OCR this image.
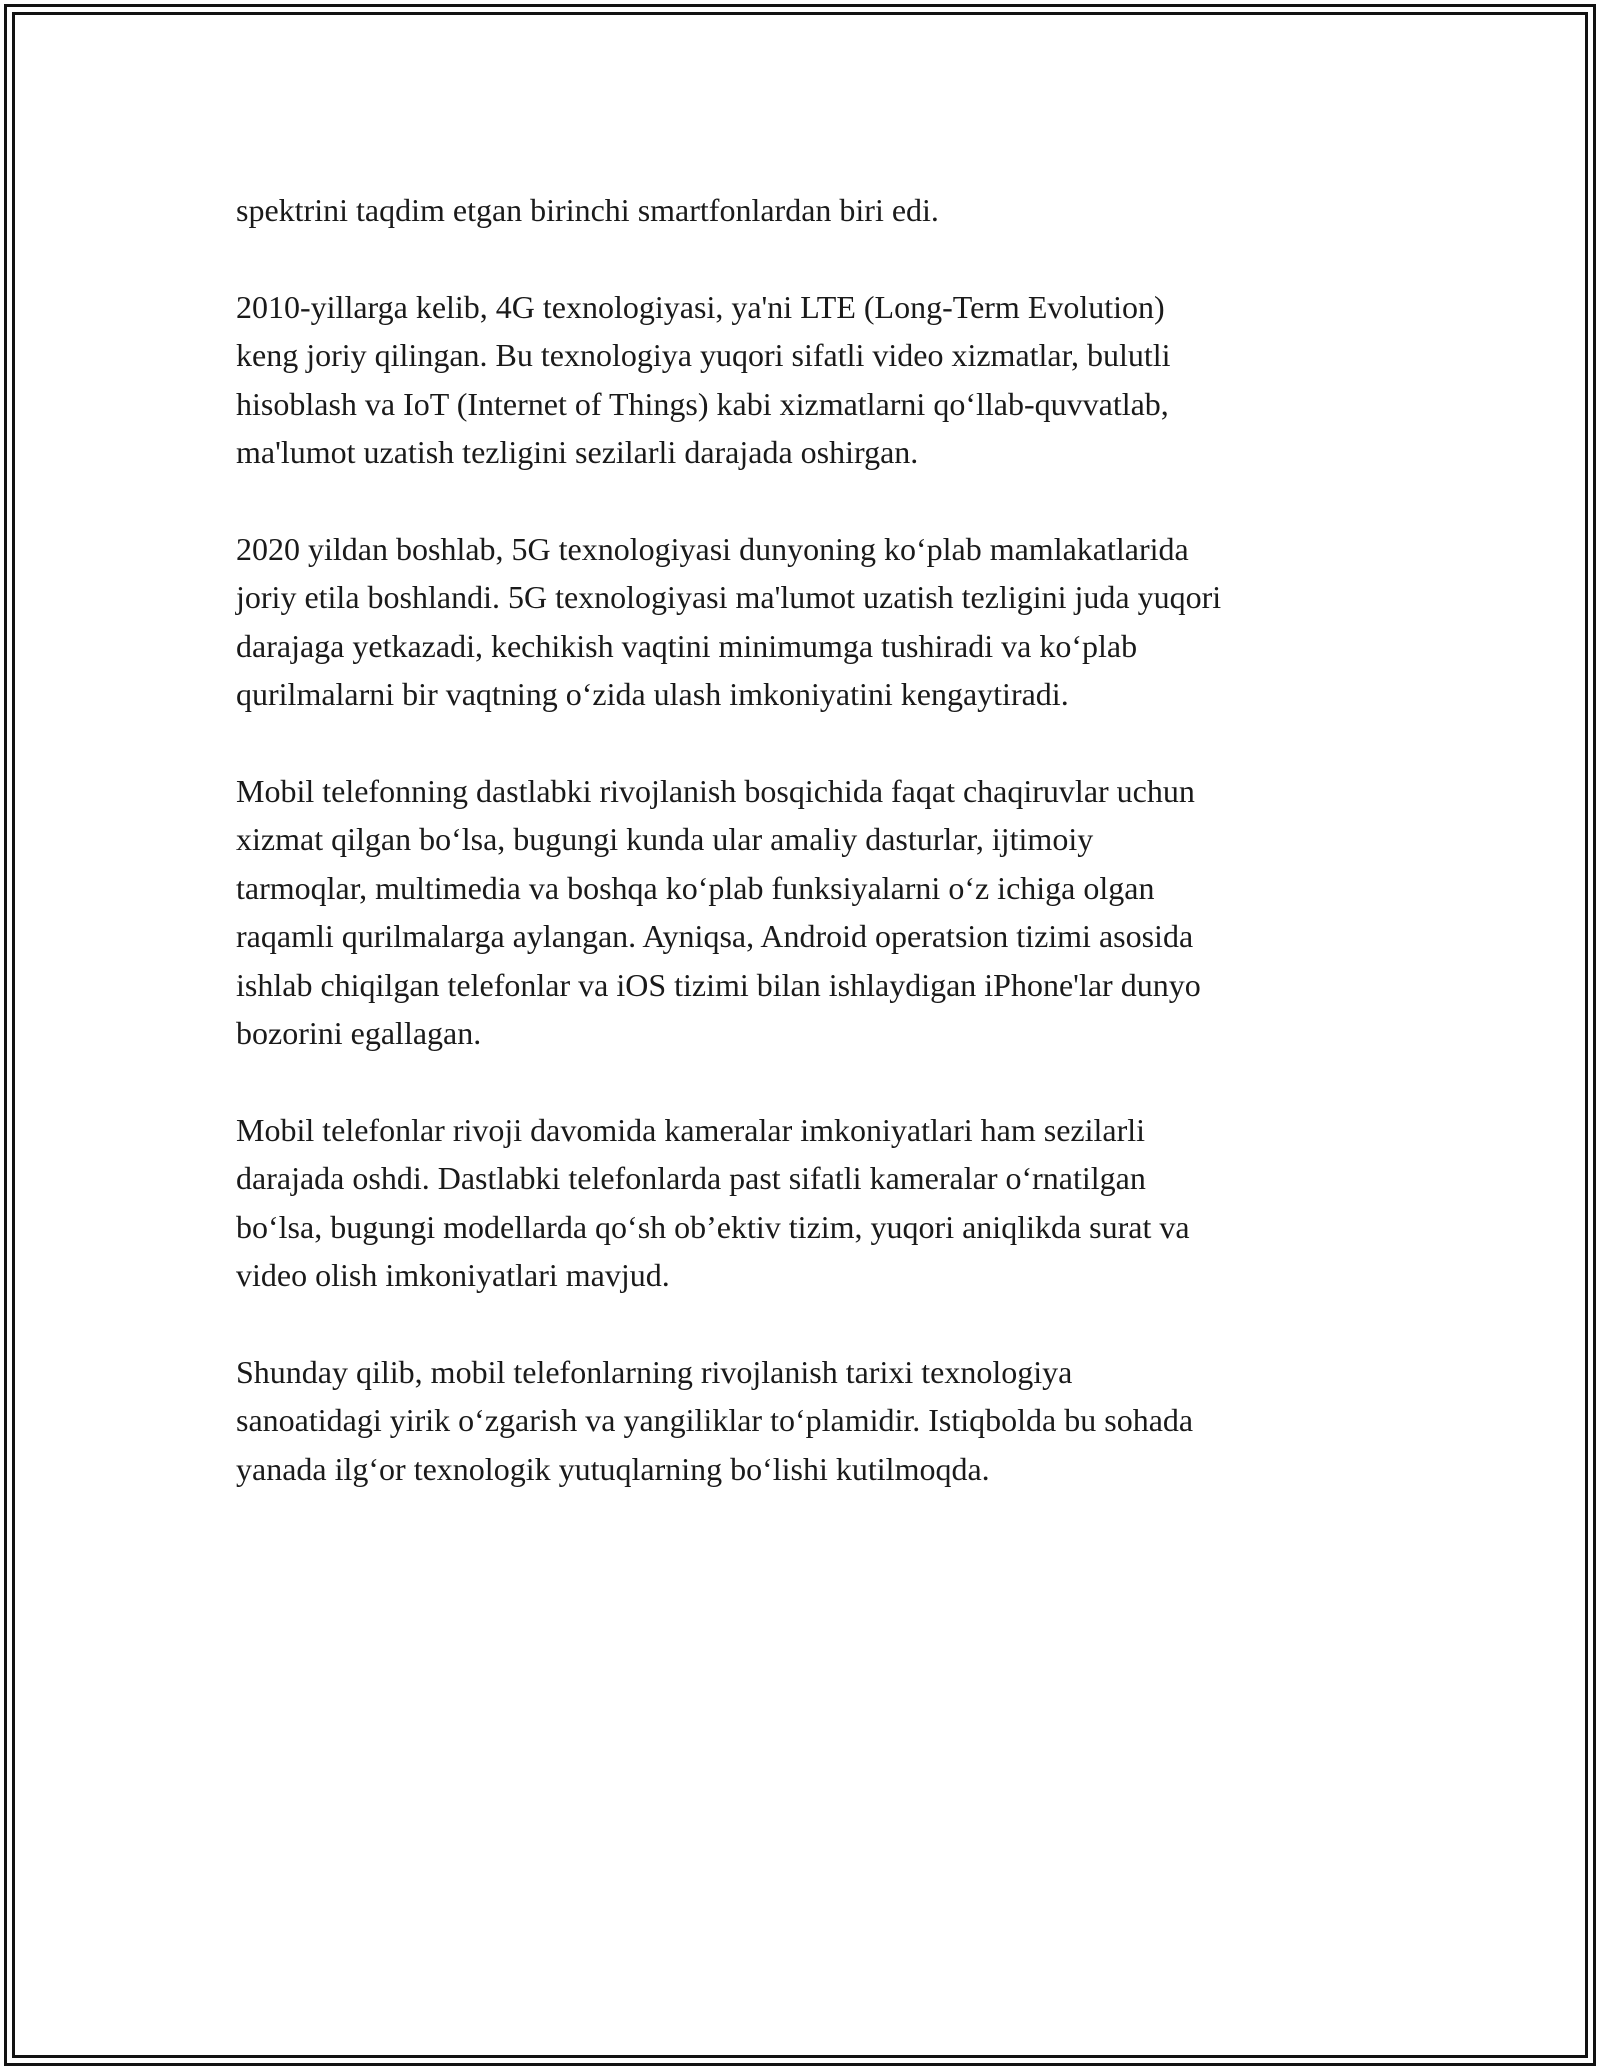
spektrini taqdim etgan birinchi smartfonlardan biri edi.

2010-yillarga kelib, 4G texnologiyasi, ya'ni LTE (Long-Term Evolution)
keng joriy qilingan. Bu texnologiya yuqori sifatli video xizmatlar, bulutli
hisoblash va IoT (Internet of Things) kabi xizmatlarni qo‘llab-quvvatlab,
ma'lumot uzatish tezligini sezilarli darajada oshirgan.

2020 yildan boshlab, 5G texnologiyasi dunyoning ko‘plab mamlakatlarida
joriy etila boshlandi. 5G texnologiyasi ma'lumot uzatish tezligini juda yuqori
darajaga yetkazadi, kechikish vaqtini minimumga tushiradi va ko‘plab
qurilmalarni bir vaqtning o‘zida ulash imkoniyatini kengaytiradi.

Mobil telefonning dastlabki rivojlanish bosqichida faqat chaqiruvlar uchun
xizmat qilgan bo‘lsa, bugungi kunda ular amaliy dasturlar, ijtimoiy
tarmoqlar, multimedia va boshqa ko‘plab funksiyalarni o‘z ichiga olgan
raqamli qurilmalarga aylangan. Ayniqsa, Android operatsion tizimi asosida
ishlab chiqilgan telefonlar va iOS tizimi bilan ishlaydigan iPhone'lar dunyo
bozorini egallagan.

Mobil telefonlar rivoji davomida kameralar imkoniyatlari ham sezilarli
darajada oshdi. Dastlabki telefonlarda past sifatli kameralar o‘rnatilgan
bo‘lsa, bugungi modellarda qo‘sh ob’ektiv tizim, yuqori aniqlikda surat va
video olish imkoniyatlari mavjud.

Shunday qilib, mobil telefonlarning rivojlanish tarixi texnologiya
sanoatidagi yirik o‘zgarish va yangiliklar to‘plamidir. Istiqbolda bu sohada
yanada ilg‘or texnologik yutuqlarning bo‘lishi kutilmoqda.
